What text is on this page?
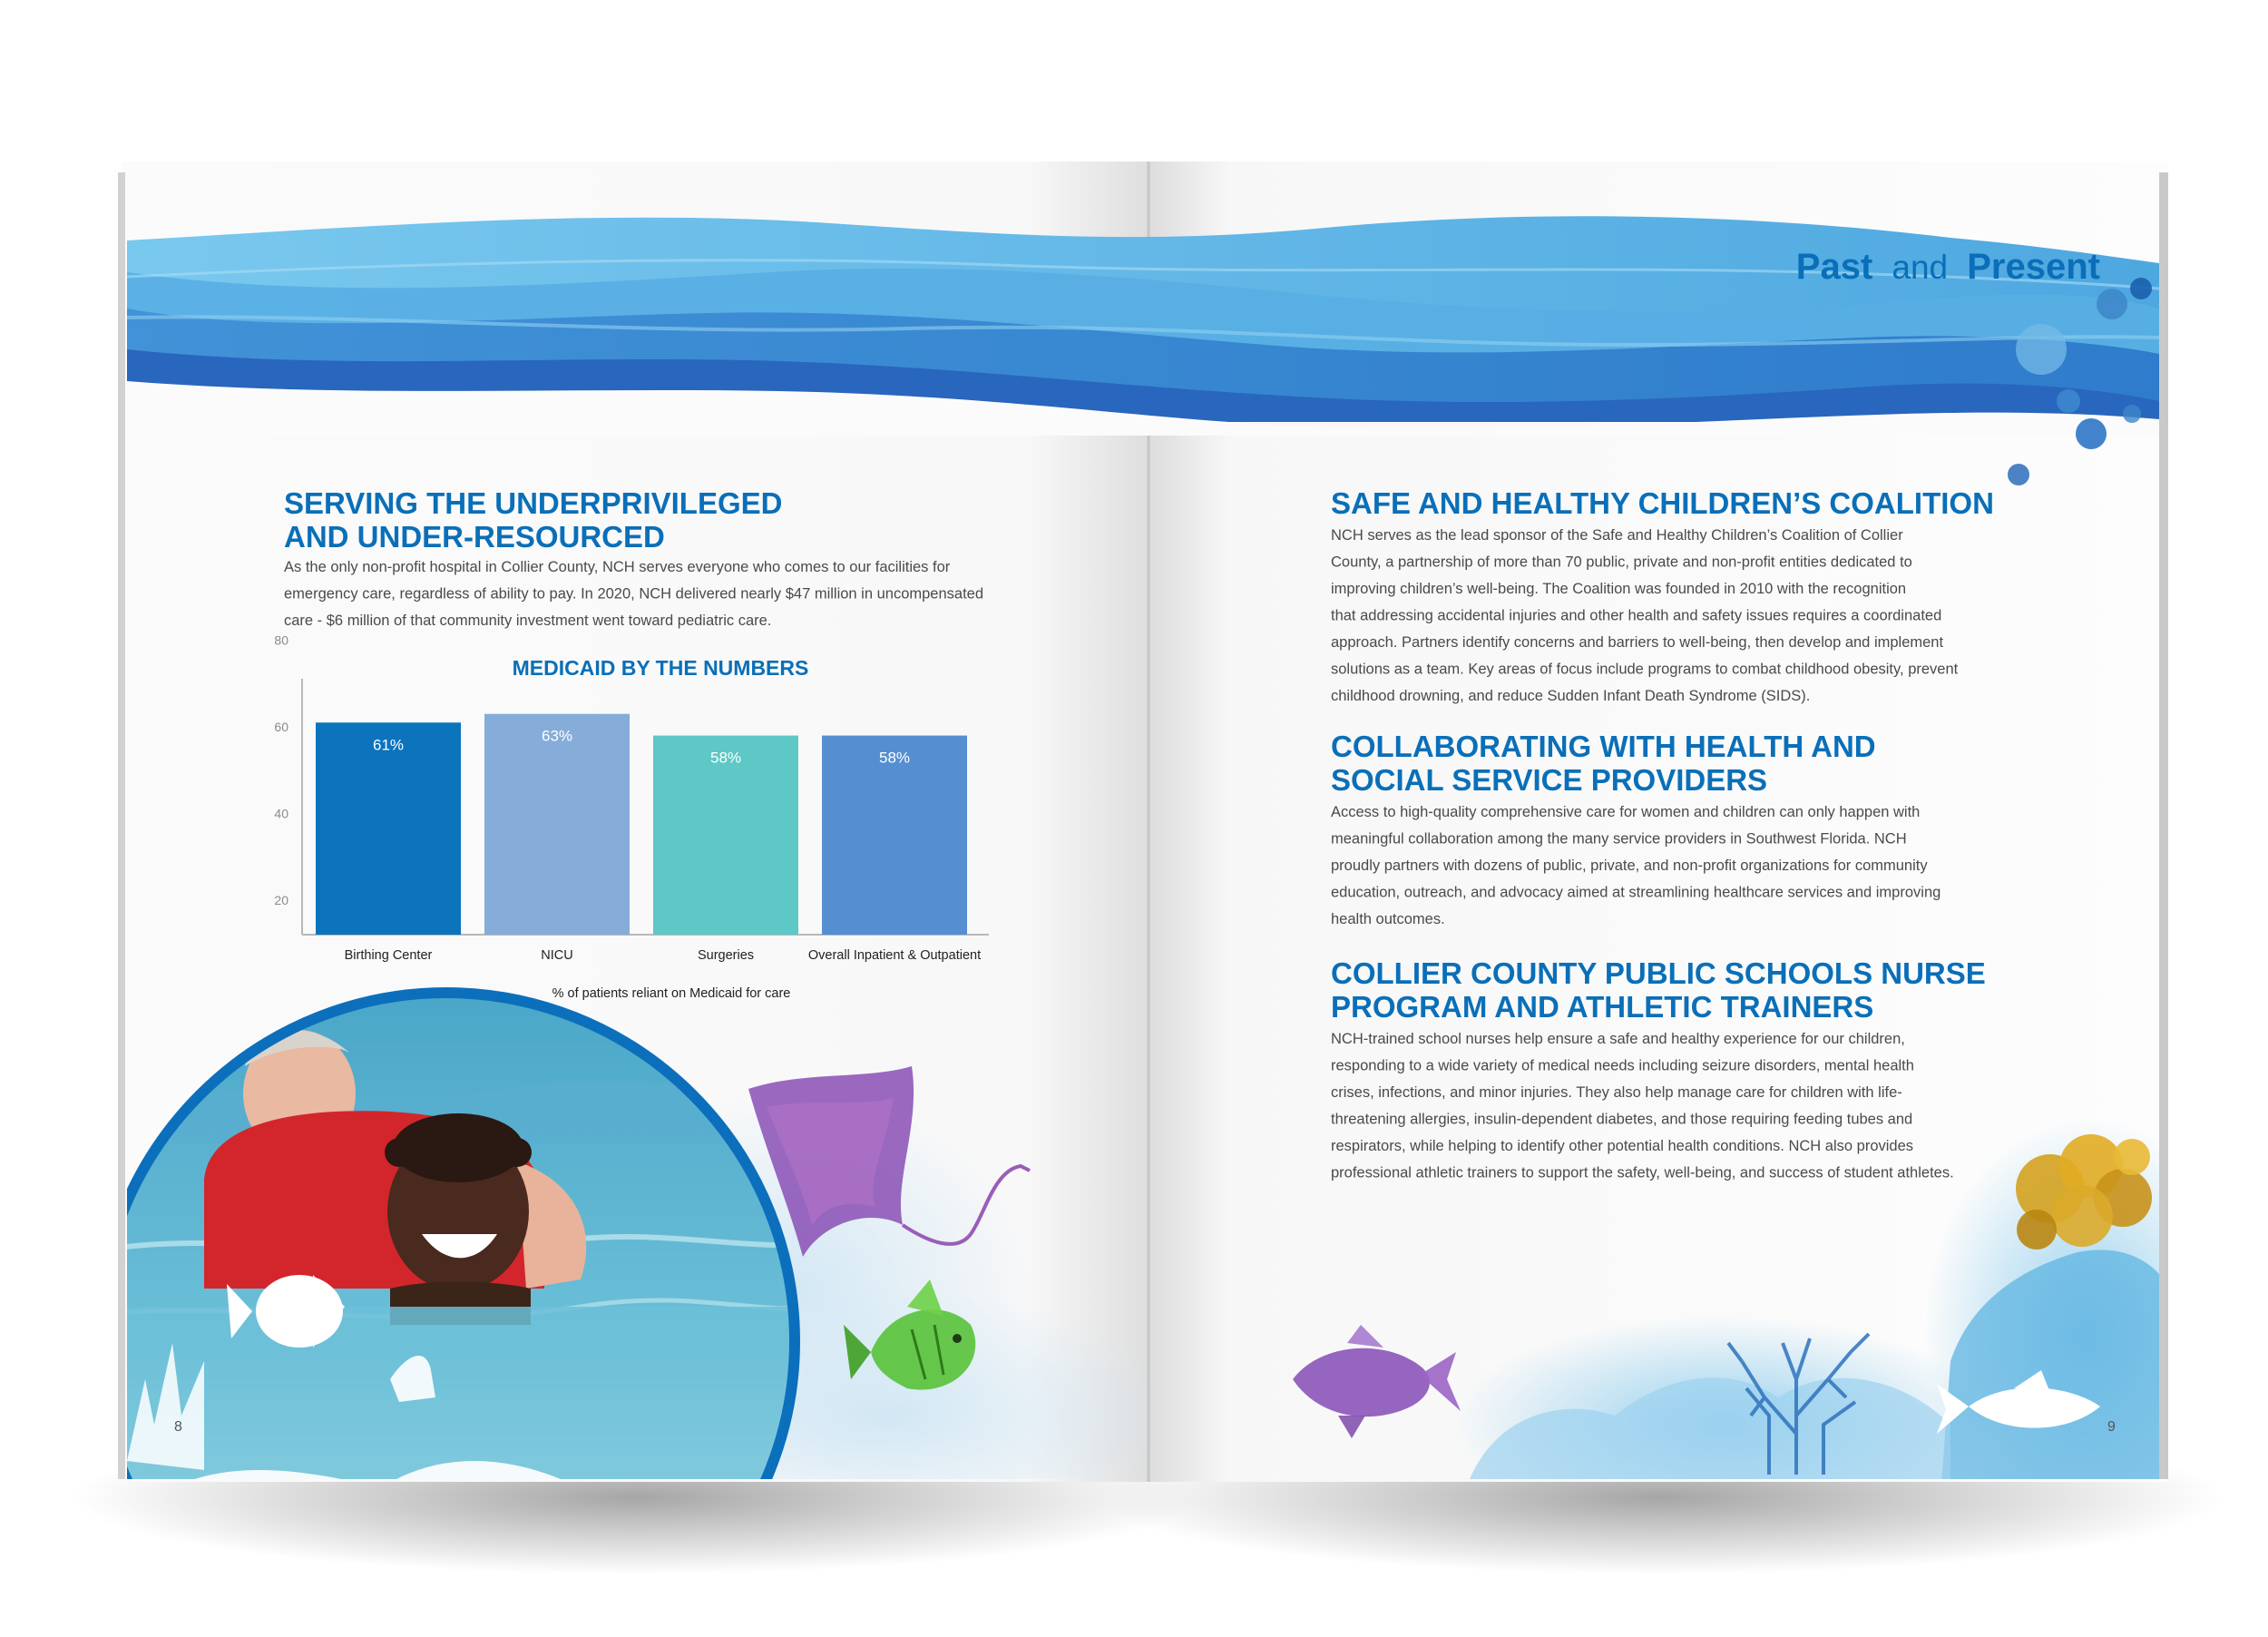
Past and Present
SERVING THE UNDERPRIVILEGED
AND UNDER-RESOURCED
As the only non-profit hospital in Collier County, NCH serves everyone who comes to our facilities for
emergency care, regardless of ability to pay. In 2020, NCH delivered nearly $47 million in uncompensated
care - $6 million of that community investment went toward pediatric care.
MEDICAID BY THE NUMBERS
20
40
60
80
61%
63%
58%	58%
Birthing Center	NICU	Surgeries	Overall Inpatient & Outpatient
% of patients reliant on Medicaid for care
8
SAFE AND HEALTHY CHILDREN’S COALITION
NCH serves as the lead sponsor of the Safe and Healthy Children’s Coalition of Collier
County, a partnership of more than 70 public, private and non-profit entities dedicated to
improving children’s well-being. The Coalition was founded in 2010 with the recognition
that addressing accidental injuries and other health and safety issues requires a coordinated
approach. Partners identify concerns and barriers to well-being, then develop and implement
solutions as a team. Key areas of focus include programs to combat childhood obesity, prevent
childhood drowning, and reduce Sudden Infant Death Syndrome (SIDS).
COLLABORATING WITH HEALTH AND
SOCIAL SERVICE PROVIDERS
Access to high-quality comprehensive care for women and children can only happen with
meaningful collaboration among the many service providers in Southwest Florida. NCH
proudly partners with dozens of public, private, and non-profit organizations for community
education, outreach, and advocacy aimed at streamlining healthcare services and improving
health outcomes.
COLLIER COUNTY PUBLIC SCHOOLS NURSE
PROGRAM AND ATHLETIC TRAINERS
NCH-trained school nurses help ensure a safe and healthy experience for our children,
responding to a wide variety of medical needs including seizure disorders, mental health
crises, infections, and minor injuries. They also help manage care for children with life-
threatening allergies, insulin-dependent diabetes, and those requiring feeding tubes and
respirators, while helping to identify other potential health conditions. NCH also provides
professional athletic trainers to support the safety, well-being, and success of student athletes.
9
